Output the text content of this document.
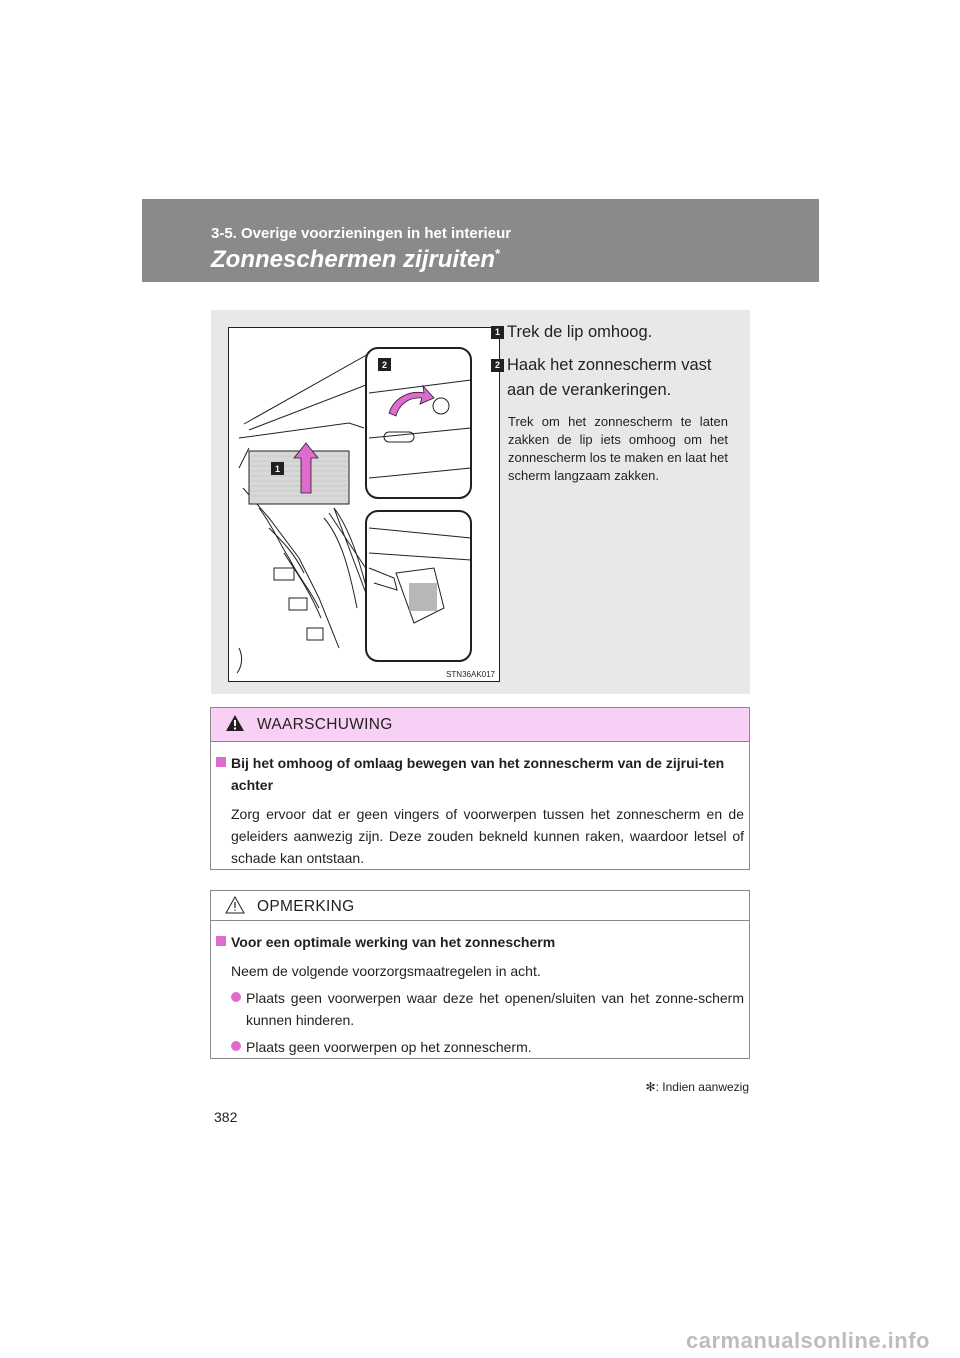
3-5. Overige voorzieningen in het interieur
Zonneschermen zijruiten*
1
2
STN36AK017
1 Trek de lip omhoog.
2 Haak het zonnescherm vast aan de verankeringen.
Trek om het zonnescherm te laten zakken de lip iets omhoog om het zonnescherm los te maken en laat het scherm langzaam zakken.
WAARSCHUWING
Bij het omhoog of omlaag bewegen van het zonnescherm van de zijrui-ten achter
Zorg ervoor dat er geen vingers of voorwerpen tussen het zonnescherm en de geleiders aanwezig zijn. Deze zouden bekneld kunnen raken, waardoor letsel of schade kan ontstaan.
OPMERKING
Voor een optimale werking van het zonnescherm
Neem de volgende voorzorgsmaatregelen in acht.
Plaats geen voorwerpen waar deze het openen/sluiten van het zonne-scherm kunnen hinderen.
Plaats geen voorwerpen op het zonnescherm.
✻: Indien aanwezig
382
carmanualsonline.info
